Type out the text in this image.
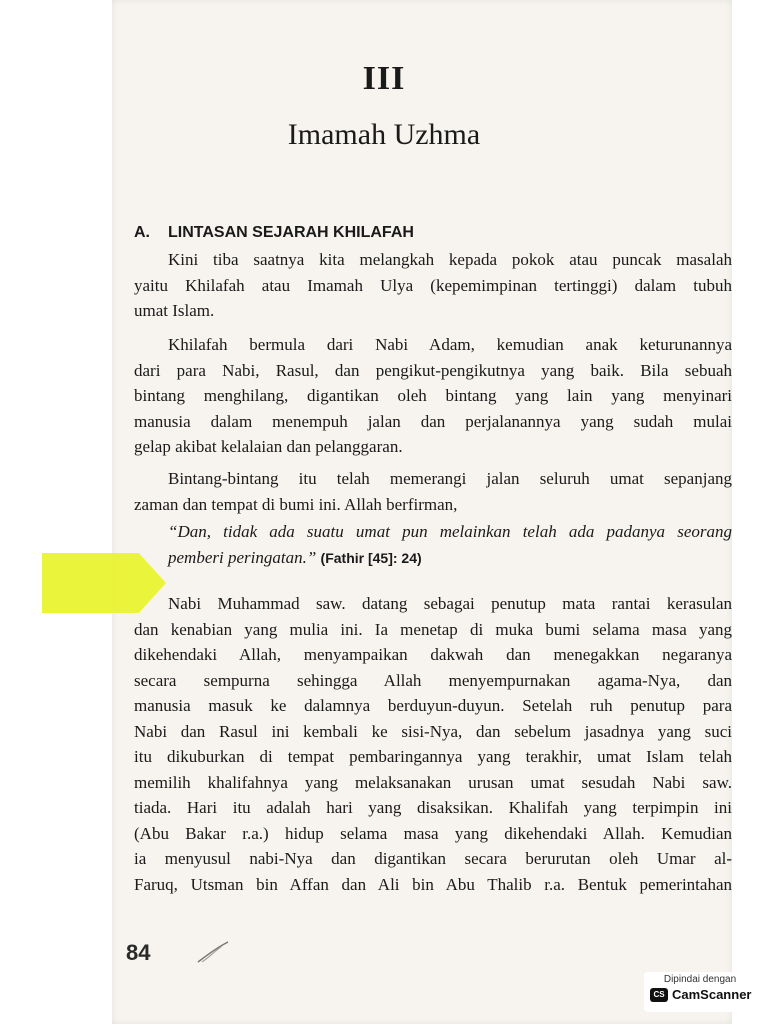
III
Imamah Uzhma
A. LINTASAN SEJARAH KHILAFAH
Kini tiba saatnya kita melangkah kepada pokok atau puncak masalah
yaitu Khilafah atau Imamah Ulya (kepemimpinan tertinggi) dalam tubuh
umat Islam.
Khilafah bermula dari Nabi Adam, kemudian anak keturunannya
dari para Nabi, Rasul, dan pengikut-pengikutnya yang baik. Bila sebuah
bintang menghilang, digantikan oleh bintang yang lain yang menyinari
manusia dalam menempuh jalan dan perjalanannya yang sudah mulai
gelap akibat kelalaian dan pelanggaran.
Bintang-bintang itu telah memerangi jalan seluruh umat sepanjang
zaman dan tempat di bumi ini. Allah berfirman,
“Dan, tidak ada suatu umat pun melainkan telah ada padanya seorang
pemberi peringatan.” (Fathir [45]: 24)
Nabi Muhammad saw. datang sebagai penutup mata rantai kerasulan
dan kenabian yang mulia ini. Ia menetap di muka bumi selama masa yang
dikehendaki Allah, menyampaikan dakwah dan menegakkan negaranya
secara sempurna sehingga Allah menyempurnakan agama-Nya, dan
manusia masuk ke dalamnya berduyun-duyun. Setelah ruh penutup para
Nabi dan Rasul ini kembali ke sisi-Nya, dan sebelum jasadnya yang suci
itu dikuburkan di tempat pembaringannya yang terakhir, umat Islam telah
memilih khalifahnya yang melaksanakan urusan umat sesudah Nabi saw.
tiada. Hari itu adalah hari yang disaksikan. Khalifah yang terpimpin ini
(Abu Bakar r.a.) hidup selama masa yang dikehendaki Allah. Kemudian
ia menyusul nabi-Nya dan digantikan secara berurutan oleh Umar al-
Faruq, Utsman bin Affan dan Ali bin Abu Thalib r.a. Bentuk pemerintahan
84
Dipindai dengan
CS CamScanner
